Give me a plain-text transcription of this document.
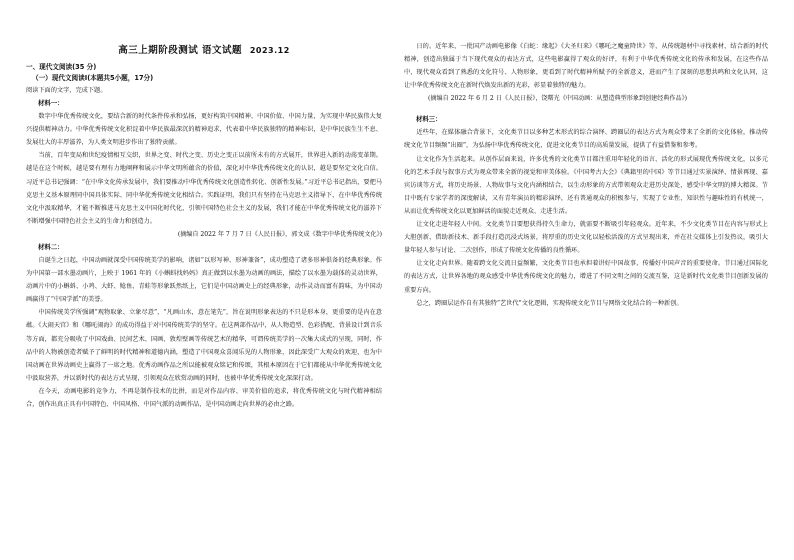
高三上期阶段测试 语文试题 2023.12
一、现代文阅读(35 分)
（一）现代文阅读I(本题共5小题，17分)
阅读下面的文字，完成下题。
材料一：

数字中华优秀传统文化，要结合新的时代条件传承和弘扬，更好构筑中国精神、中国价值、中国力量，为实现中华民族伟大复兴提供精神动力。中华优秀传统文化积淀着中华民族最深沉的精神追求，代表着中华民族独特的精神标识，是中华民族生生不息、发展壮大的丰厚滋养，为人类文明进步作出了独特贡献。

当前，百年变局和世纪疫情相互交织，世界之变、时代之变、历史之变正以前所未有的方式展开，世界进入新的动荡变革期。越是在这个时候，越是要有理有力地阐释和展示中华文明所蕴含的价值，深化对中华优秀传统文化的认识，越是要坚定文化自信。习近平总书记强调：“在中华文化传承发展中，我们要推动中华优秀传统文化创造性转化、创新性发展。”习近平总书记指出，要把马克思主义基本原理同中国具体实际、同中华优秀传统文化相结合。实践证明，我们只有坚持在马克思主义指导下，在中华优秀传统文化中汲取精华，才能不断推进马克思主义中国化时代化，引领中国特色社会主义的发展，我们才能在中华优秀传统文化的滋养下不断增强中国特色社会主义的生命力和创造力。

(摘编自 2022 年 7 月 7 日《人民日报》，郭文成《数字中华优秀传统文化》)
材料二：

自诞生之日起，中国动画就深受中国传统美学的影响，诸如“以形写神、形神兼备”，成功塑造了诸多形神俱备的经典形象。作为中国第一部水墨动画片，上映于 1961 年的《小蝌蚪找妈妈》真正做到以水墨为动画的画法，描绘了以水墨为载体的灵动世界，动画片中的小蝌蚪、小鸡、大虾、鲶鱼、青蛙等形象跃然纸上，它们是中国动画史上的经典形象，动作灵动而富有韵味，为中国动画赢得了“中国学派”的美誉。

中国传统美学所强调“观物取象、立象尽意”，“凡画山水，意在笔先”，旨在说明形象表达的不只是形本身，更重要的是内在意蕴。《大闹天宫》和《哪吒闹海》的成功得益于对中国传统美学的坚守。在这两部作品中，从人物造型、色彩搭配、背景设计到音乐等方面，都充分吸收了中国戏曲、民间艺术、国画、敦煌壁画等传统艺术的精华，可谓传统美学的一次集大成式的呈现，同时，作品中的人物被创造者赋予了鲜明的时代精神和道德内涵，塑造了中国观众喜闻乐见的人物形象，因此深受广大观众的欢迎，也为中国动画在世界动画史上赢得了一席之地。优秀动画作品之所以能被观众铭记和传颂，其根本原因在于它们都能从中华优秀传统文化中汲取营养，并以新时代的表达方式呈现，引领观众在欣赏动画的同时，也被中华优秀传统文化深深打动。

在今天，动画电影的竞争力，不再是制作技术的比拼，而是对作品内容、审美价值的追求，将优秀传统文化与时代精神相结合，创作出真正具有中国特色、中国风格、中国气派的动画作品，是中国动画走向世界的必由之路。

日的。近年来，一批国产动画电影像《白蛇：缘起》《大圣归来》《哪吒之魔童降世》等，从传统题材中寻找素材，结合新的时代精神，创造出独属于当下现代观众的表达方式，这些电影赢得了观众的好评，有利于中华优秀传统文化的传承和发展，在这些作品中，现代观众看到了熟悉的文化符号、人物形象，更看到了时代精神所赋予的全新意义，进而产生了深刻的思想共鸣和文化认同，这让中华优秀传统文化在新时代焕发出新的光彩，彰显着独特的魅力。

(摘编自 2022 年 6 月 2 日《人民日报》，饶曙光《中国动画：从塑造典型形象到创建经典作品》)
材料三：

近些年，在媒体融合背景下，文化类节目以多种艺术形式的综合演绎、跨圈层的表达方式为观众带来了全新的文化体验，推动传统文化节目频频“出圈”，为弘扬中华优秀传统文化，促进文化类节目的高质量发展，提供了有益借鉴和参考。

让文化作为生活起来。从创作层面来说，许多优秀的文化类节目都注重用年轻化的语言、活化的形式展现优秀传统文化，以多元化的艺术手段与叙事方式为观众带来全新的视觉和审美体验。《中国考古大会》《典籍里的中国》等节目通过实景演绎、情景再现、嘉宾访谈等方式，将历史场景、人物故事与文化内涵相结合，以生动形象的方式带领观众走进历史深处，感受中华文明的博大精深。节目中既有专家学者的深度解读，又有青年演员的精彩演绎，还有普通观众的积极参与，实现了专业性、知识性与趣味性的有机统一，从而让优秀传统文化以更加鲜活的面貌走近观众、走进生活。

让文化走进年轻人中间。文化类节目要想获得持久生命力，就需要不断吸引年轻观众。近年来，不少文化类节目在内容与形式上大胆创新，借助新技术、新手段打造沉浸式场景，将厚重的历史文化以轻松活泼的方式呈现出来，并在社交媒体上引发热议，吸引大量年轻人参与讨论、二次创作，形成了传统文化传播的良性循环。

让文化走向世界。随着跨文化交流日益频繁，文化类节目也承担着讲好中国故事、传播好中国声音的重要使命。节目通过国际化的表达方式，让世界各地的观众感受中华优秀传统文化的魅力，增进了不同文明之间的交流互鉴，这是新时代文化类节目创新发展的重要方向。

总之，跨圈层运作自有其独特“艺世代”文化逻辑，实现传统文化节目与网络文化结合的一种新创。
